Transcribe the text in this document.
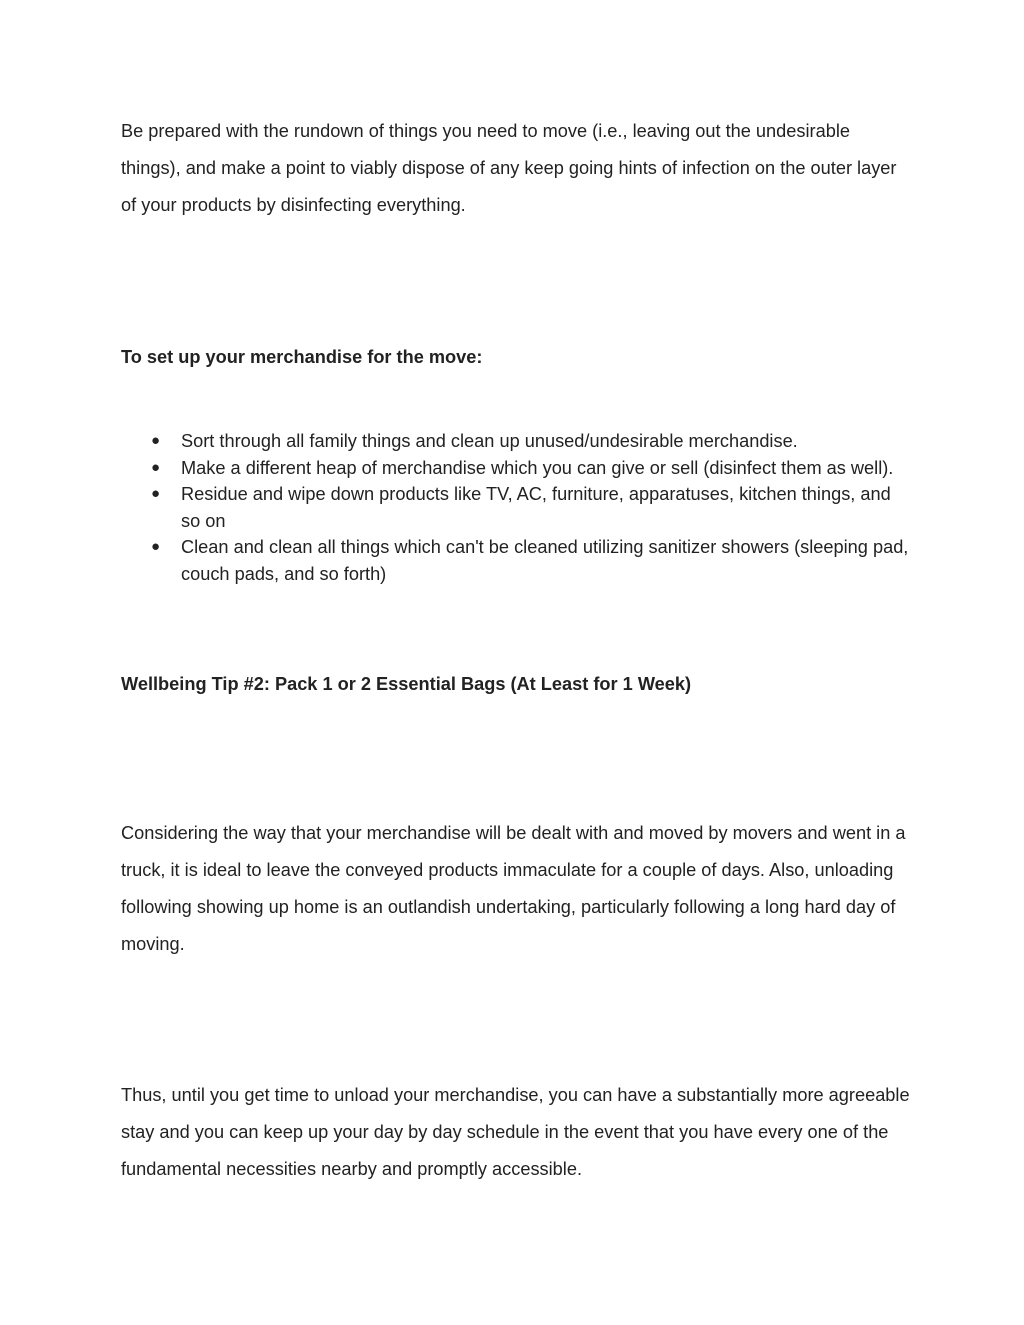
Be prepared with the rundown of things you need to move (i.e., leaving out the undesirable things), and make a point to viably dispose of any keep going hints of infection on the outer layer of your products by disinfecting everything.

To set up your merchandise for the move:

● Sort through all family things and clean up unused/undesirable merchandise.
● Make a different heap of merchandise which you can give or sell (disinfect them as well).
● Residue and wipe down products like TV, AC, furniture, apparatuses, kitchen things, and so on
● Clean and clean all things which can't be cleaned utilizing sanitizer showers (sleeping pad, couch pads, and so forth)

Wellbeing Tip #2: Pack 1 or 2 Essential Bags (At Least for 1 Week)

Considering the way that your merchandise will be dealt with and moved by movers and went in a truck, it is ideal to leave the conveyed products immaculate for a couple of days. Also, unloading following showing up home is an outlandish undertaking, particularly following a long hard day of moving.

Thus, until you get time to unload your merchandise, you can have a substantially more agreeable stay and you can keep up your day by day schedule in the event that you have every one of the fundamental necessities nearby and promptly accessible.
